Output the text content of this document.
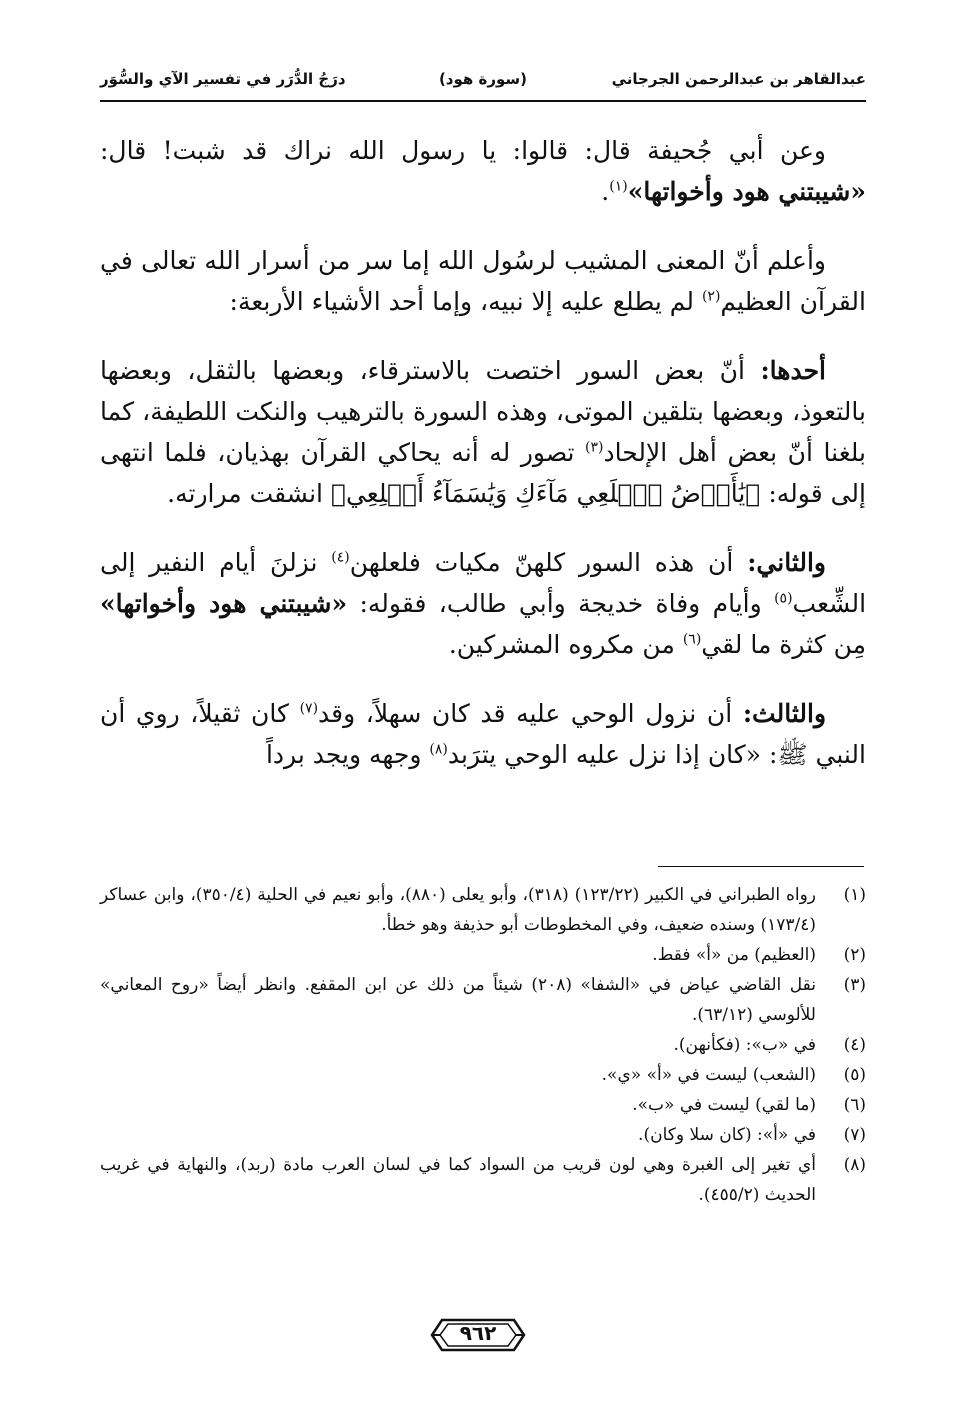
عبدالقاهر بن عبدالرحمن الجرجاني
(سورة هود)
درَجُ الدُّرَر في تفسير الآي والسُّوَر

وعن أبي جُحيفة قال: قالوا: يا رسول الله نراك قد شبت! قال: «شيبتني هود وأخواتها»$^{(١)}$.

وأعلم أنّ المعنى المشيب لرسُول الله إما سر من أسرار الله تعالى في القرآن العظيم$^{(٢)}$ لم يطلع عليه إلا نبيه، وإما أحد الأشياء الأربعة:

أحدها: أنّ بعض السور اختصت بالاسترقاء، وبعضها بالثقل، وبعضها بالتعوذ، وبعضها بتلقين الموتى، وهذه السورة بالترهيب والنكت اللطيفة، كما بلغنا أنّ بعض أهل الإلحاد$^{(٣)}$ تصور له أنه يحاكي القرآن بهذيان، فلما انتهى إلى قوله: ﴿يَٰأَرۡضُ ٱبۡلَعِي مَآءَكِ وَيَٰسَمَآءُ أَقۡلِعِي﴾ انشقت مرارته.

والثاني: أن هذه السور كلهنّ مكيات فلعلهن$^{(٤)}$ نزلنَ أيام النفير إلى الشِّعب$^{(٥)}$ وأيام وفاة خديجة وأبي طالب، فقوله: «شيبتني هود وأخواتها» مِن كثرة ما لقي$^{(٦)}$ من مكروه المشركين.

والثالث: أن نزول الوحي عليه قد كان سهلاً، وقد$^{(٧)}$ كان ثقيلاً، روي أن النبي ﷺ: «كان إذا نزل عليه الوحي يترَبد$^{(٨)}$ وجهه ويجد برداً

(١)
رواه الطبراني في الكبير (١٢٣/٢٢) (٣١٨)، وأبو يعلى (٨٨٠)، وأبو نعيم في الحلية (٣٥٠/٤)، وابن عساكر (١٧٣/٤) وسنده ضعيف، وفي المخطوطات أبو حذيفة وهو خطأ.
(٢)
(العظيم) من «أ» فقط.
(٣)
نقل القاضي عياض في «الشفا» (٢٠٨) شيئاً من ذلك عن ابن المقفع. وانظر أيضاً «روح المعاني» للألوسي (٦٣/١٢).
(٤)
في «ب»: (فكأنهن).
(٥)
(الشعب) ليست في «أ» «ي».
(٦)
(ما لقي) ليست في «ب».
(٧)
في «أ»: (كان سلا وكان).
(٨)
أي تغير إلى الغبرة وهي لون قريب من السواد كما في لسان العرب مادة (ربد)، والنهاية في غريب الحديث (٤٥٥/٢).
٩٦٢
